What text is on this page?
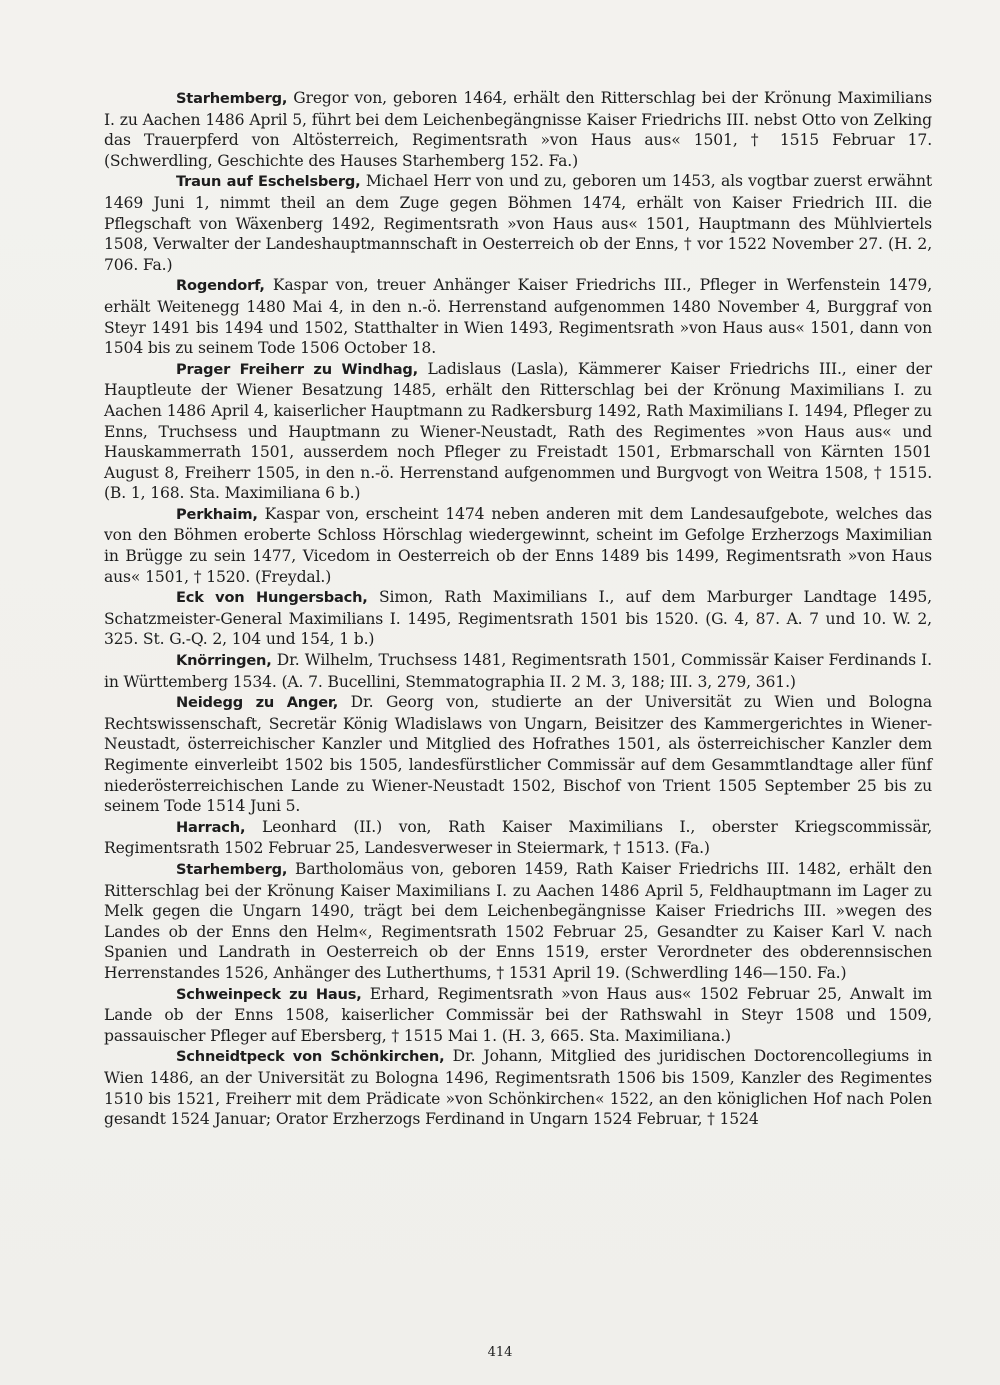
Starhemberg, Gregor von, geboren 1464, erhält den Ritterschlag bei der Krönung Maximilians I. zu Aachen 1486 April 5, führt bei dem Leichenbegängnisse Kaiser Friedrichs III. nebst Otto von Zelking das Trauerpferd von Altösterreich, Regimentsrath »von Haus aus« 1501, † 1515 Februar 17. (Schwerdling, Geschichte des Hauses Starhemberg 152. Fa.)

Traun auf Eschelsberg, Michael Herr von und zu, geboren um 1453, als vogtbar zuerst erwähnt 1469 Juni 1, nimmt theil an dem Zuge gegen Böhmen 1474, erhält von Kaiser Friedrich III. die Pflegschaft von Wäxenberg 1492, Regimentsrath »von Haus aus« 1501, Hauptmann des Mühlviertels 1508, Verwalter der Landeshauptmannschaft in Oesterreich ob der Enns, † vor 1522 November 27. (H. 2, 706. Fa.)

Rogendorf, Kaspar von, treuer Anhänger Kaiser Friedrichs III., Pfleger in Werfenstein 1479, erhält Weitenegg 1480 Mai 4, in den n.-ö. Herrenstand aufgenommen 1480 November 4, Burggraf von Steyr 1491 bis 1494 und 1502, Statthalter in Wien 1493, Regimentsrath »von Haus aus« 1501, dann von 1504 bis zu seinem Tode 1506 October 18.

Prager Freiherr zu Windhag, Ladislaus (Lasla), Kämmerer Kaiser Friedrichs III., einer der Hauptleute der Wiener Besatzung 1485, erhält den Ritterschlag bei der Krönung Maximilians I. zu Aachen 1486 April 4, kaiserlicher Hauptmann zu Radkersburg 1492, Rath Maximilians I. 1494, Pfleger zu Enns, Truchsess und Hauptmann zu Wiener-Neustadt, Rath des Regimentes »von Haus aus« und Hauskammerrath 1501, ausserdem noch Pfleger zu Freistadt 1501, Erbmarschall von Kärnten 1501 August 8, Freiherr 1505, in den n.-ö. Herrenstand aufgenommen und Burgvogt von Weitra 1508, † 1515. (B. 1, 168. Sta. Maximiliana 6 b.)

Perkhaim, Kaspar von, erscheint 1474 neben anderen mit dem Landesaufgebote, welches das von den Böhmen eroberte Schloss Hörschlag wiedergewinnt, scheint im Gefolge Erzherzogs Maximilian in Brügge zu sein 1477, Vicedom in Oesterreich ob der Enns 1489 bis 1499, Regimentsrath »von Haus aus« 1501, † 1520. (Freydal.)

Eck von Hungersbach, Simon, Rath Maximilians I., auf dem Marburger Landtage 1495, Schatzmeister-General Maximilians I. 1495, Regimentsrath 1501 bis 1520. (G. 4, 87. A. 7 und 10. W. 2, 325. St. G.-Q. 2, 104 und 154, 1 b.)

Knörringen, Dr. Wilhelm, Truchsess 1481, Regimentsrath 1501, Commissär Kaiser Ferdinands I. in Württemberg 1534. (A. 7. Bucellini, Stemmatographia II. 2 M. 3, 188; III. 3, 279, 361.)

Neidegg zu Anger, Dr. Georg von, studierte an der Universität zu Wien und Bologna Rechtswissenschaft, Secretär König Wladislaws von Ungarn, Beisitzer des Kammergerichtes in Wiener-Neustadt, österreichischer Kanzler und Mitglied des Hofrathes 1501, als österreichischer Kanzler dem Regimente einverleibt 1502 bis 1505, landesfürstlicher Commissär auf dem Gesammtlandtage aller fünf niederösterreichischen Lande zu Wiener-Neustadt 1502, Bischof von Trient 1505 September 25 bis zu seinem Tode 1514 Juni 5.

Harrach, Leonhard (II.) von, Rath Kaiser Maximilians I., oberster Kriegscommissär, Regimentsrath 1502 Februar 25, Landesverweser in Steiermark, † 1513. (Fa.)

Starhemberg, Bartholomäus von, geboren 1459, Rath Kaiser Friedrichs III. 1482, erhält den Ritterschlag bei der Krönung Kaiser Maximilians I. zu Aachen 1486 April 5, Feldhauptmann im Lager zu Melk gegen die Ungarn 1490, trägt bei dem Leichenbegängnisse Kaiser Friedrichs III. »wegen des Landes ob der Enns den Helm«, Regimentsrath 1502 Februar 25, Gesandter zu Kaiser Karl V. nach Spanien und Landrath in Oesterreich ob der Enns 1519, erster Verordneter des obderennsischen Herrenstandes 1526, Anhänger des Lutherthums, † 1531 April 19. (Schwerdling 146—150. Fa.)

Schweinpeck zu Haus, Erhard, Regimentsrath »von Haus aus« 1502 Februar 25, Anwalt im Lande ob der Enns 1508, kaiserlicher Commissär bei der Rathswahl in Steyr 1508 und 1509, passauischer Pfleger auf Ebersberg, † 1515 Mai 1. (H. 3, 665. Sta. Maximiliana.)

Schneidtpeck von Schönkirchen, Dr. Johann, Mitglied des juridischen Doctorencollegiums in Wien 1486, an der Universität zu Bologna 1496, Regimentsrath 1506 bis 1509, Kanzler des Regimentes 1510 bis 1521, Freiherr mit dem Prädicate »von Schönkirchen« 1522, an den königlichen Hof nach Polen gesandt 1524 Januar; Orator Erzherzogs Ferdinand in Ungarn 1524 Februar, † 1524

414
